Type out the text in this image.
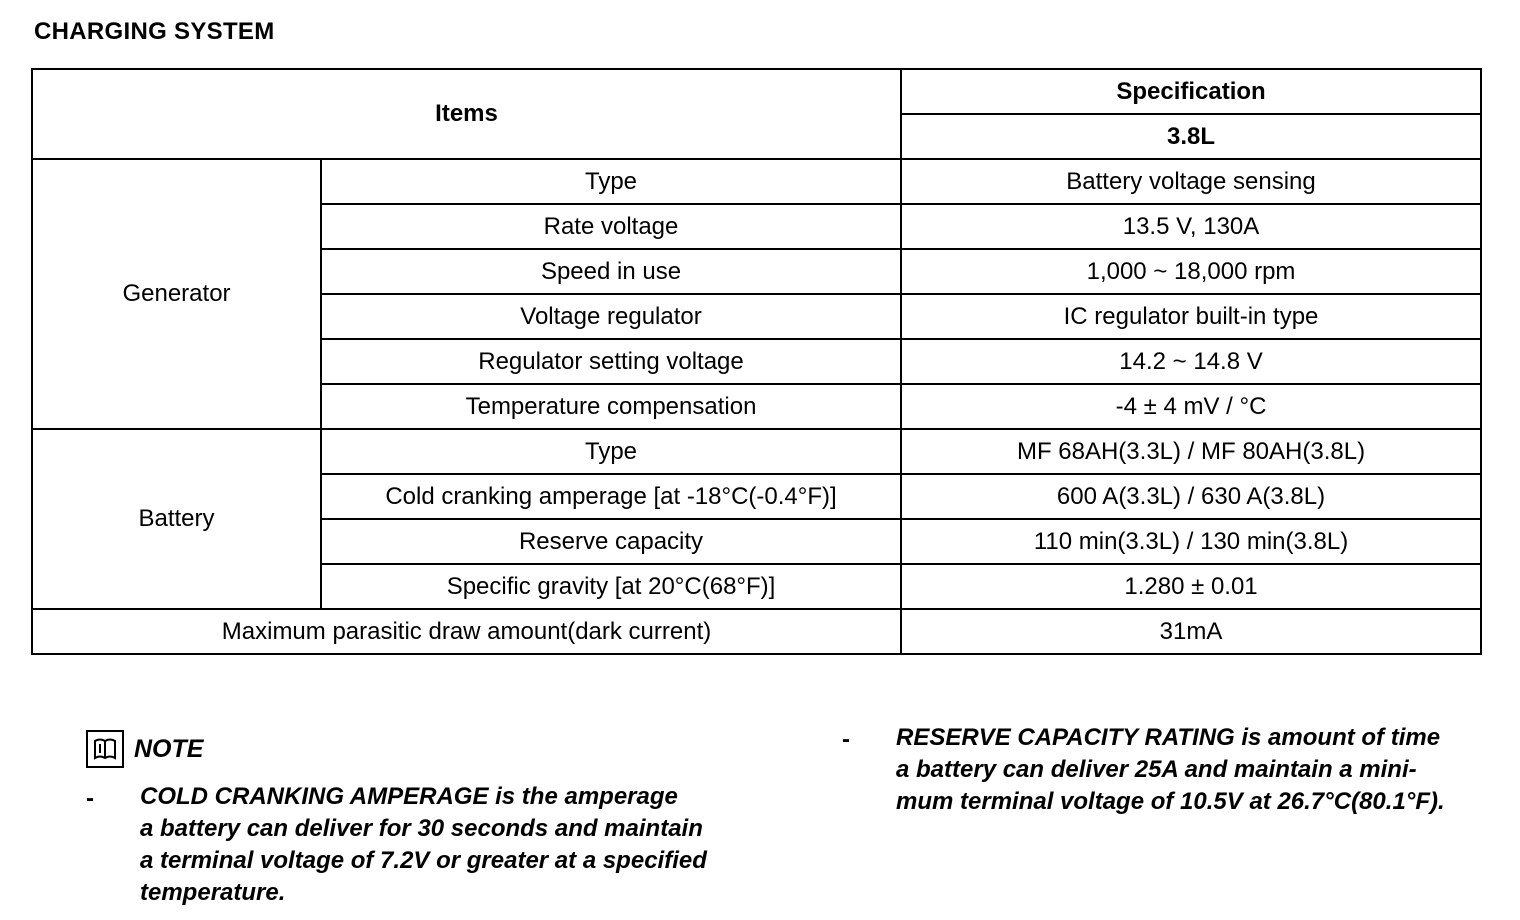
CHARGING SYSTEM
Items		Specification
		3.8L
Generator	Type	Battery voltage sensing
	Rate voltage	13.5 V, 130A
	Speed in use	1,000 ~ 18,000 rpm
	Voltage regulator	IC regulator built-in type
	Regulator setting voltage	14.2 ~ 14.8 V
	Temperature compensation	-4 ± 4 mV / °C
Battery	Type	MF 68AH(3.3L) / MF 80AH(3.8L)
	Cold cranking amperage [at -18°C(-0.4°F)]	600 A(3.3L) / 630 A(3.8L)
	Reserve capacity	110 min(3.3L) / 130 min(3.8L)
	Specific gravity [at 20°C(68°F)]	1.280 ± 0.01
Maximum parasitic draw amount(dark current)		31mA
NOTE
- COLD CRANKING AMPERAGE is the amperage
a battery can deliver for 30 seconds and maintain
a terminal voltage of 7.2V or greater at a specified
temperature.
- RESERVE CAPACITY RATING is amount of time
a battery can deliver 25A and maintain a mini-
mum terminal voltage of 10.5V at 26.7°C(80.1°F).
